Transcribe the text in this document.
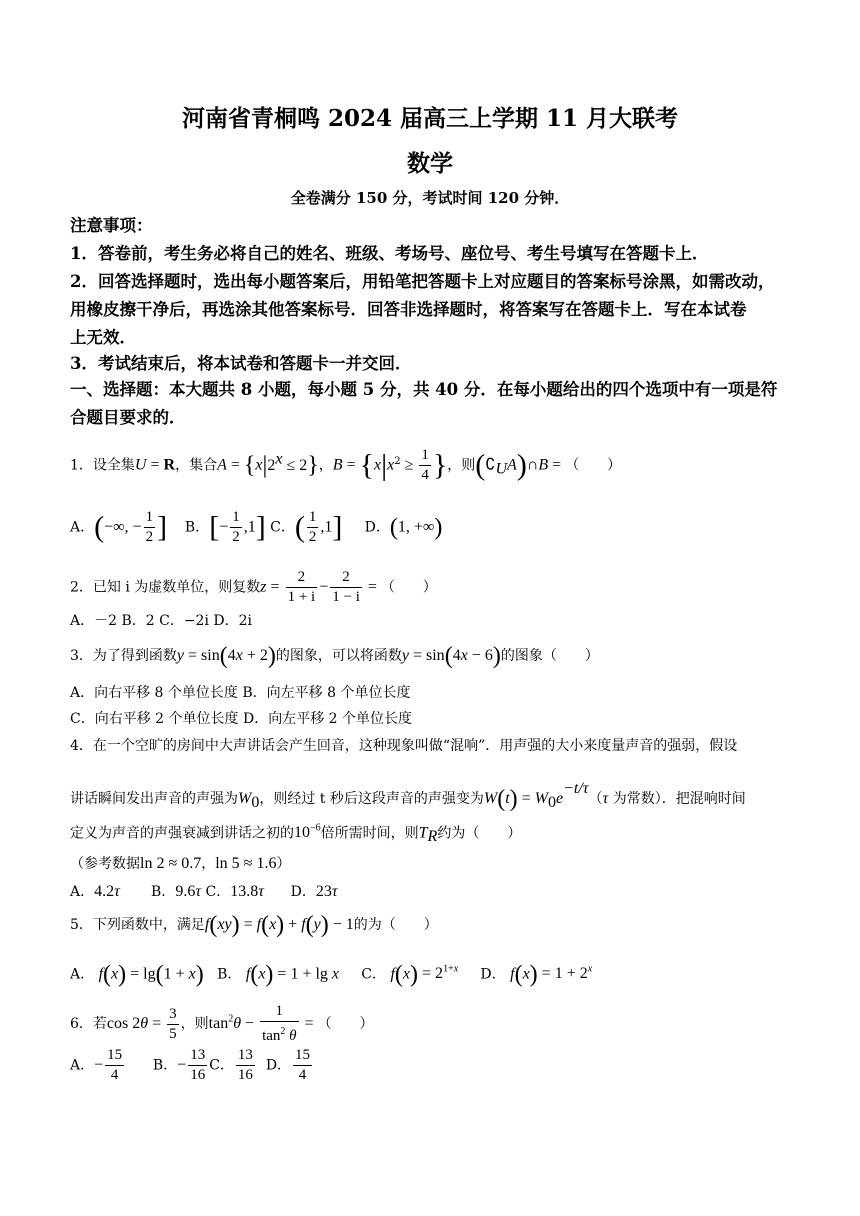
河南省青桐鸣 2024 届高三上学期 11 月大联考
数学
全卷满分 150 分，考试时间 120 分钟．
注意事项：
1．答卷前，考生务必将自己的姓名、班级、考场号、座位号、考生号填写在答题卡上．
2．回答选择题时，选出每小题答案后，用铅笔把答题卡上对应题目的答案标号涂黑，如需改动，
用橡皮擦干净后，再选涂其他答案标号．回答非选择题时，将答案写在答题卡上．写在本试卷
上无效．
3．考试结束后，将本试卷和答题卡一并交回．
一、选择题：本大题共 8 小题，每小题 5 分，共 40 分．在每小题给出的四个选项中有一项是符
合题目要求的．
1．设全集U = R，集合$A = \{x|2^x \le 2\}$，$B = \{x|x^2 \ge \frac{1}{4}$ }，则$(∁_UA)\cap B$ = （　　）
A．(−∞, − $\frac{1}{2}$ ] B．[− $\frac{1}{2} ,1$] C．( $\frac{1}{2} ,1$] D．(1, +∞)
2．已知 i 为虚数单位，则复数$z = \frac{2}{1 + i} - \frac{2}{1 - i}$ = （　　）
A．－2 B．2 C．−2i D．2i
3．为了得到函数y = sin(4x + 2)的图象，可以将函数y = sin(4x − 6)的图象（　　）
A．向右平移 8 个单位长度 B．向左平移 8 个单位长度
C．向右平移 2 个单位长度 D．向左平移 2 个单位长度
4．在一个空旷的房间中大声讲话会产生回音，这种现象叫做“混响”．用声强的大小来度量声音的强弱，假设
讲话瞬间发出声音的声强为$W_0$，则经过 t 秒后这段声音的声强变为$W(t) = W_0e^{-t/\tau}(\tau$ 为常数）．把混响时间
定义为声音的声强衰减到讲话之初的$10^{-6}$倍所需时间，则$T_R$约为（　　）
（参考数据ln 2 ≈ 0.7，ln 5 ≈ 1.6）
A．4.2τ B．9.6τ C．13.8τ D．23τ
5．下列函数中，满足f(xy) = f(x) + f(y) − 1的为（　　）
A． f(x) = lg(1 + x) B． f(x) = 1 + lg x C． $f(x) = 2^{1+x}$ D． $f(x) = 1 + 2^x$
6．若$\cos 2\theta = \frac{3}{5}$ ，则$\tan^2\theta - \frac{1}{\tan^2 \theta}$ = （　　）
A．− $\frac{15}{4}$ B．− $\frac{13}{16}$ C． $\frac{13}{16}$ D． $\frac{15}{4}$
